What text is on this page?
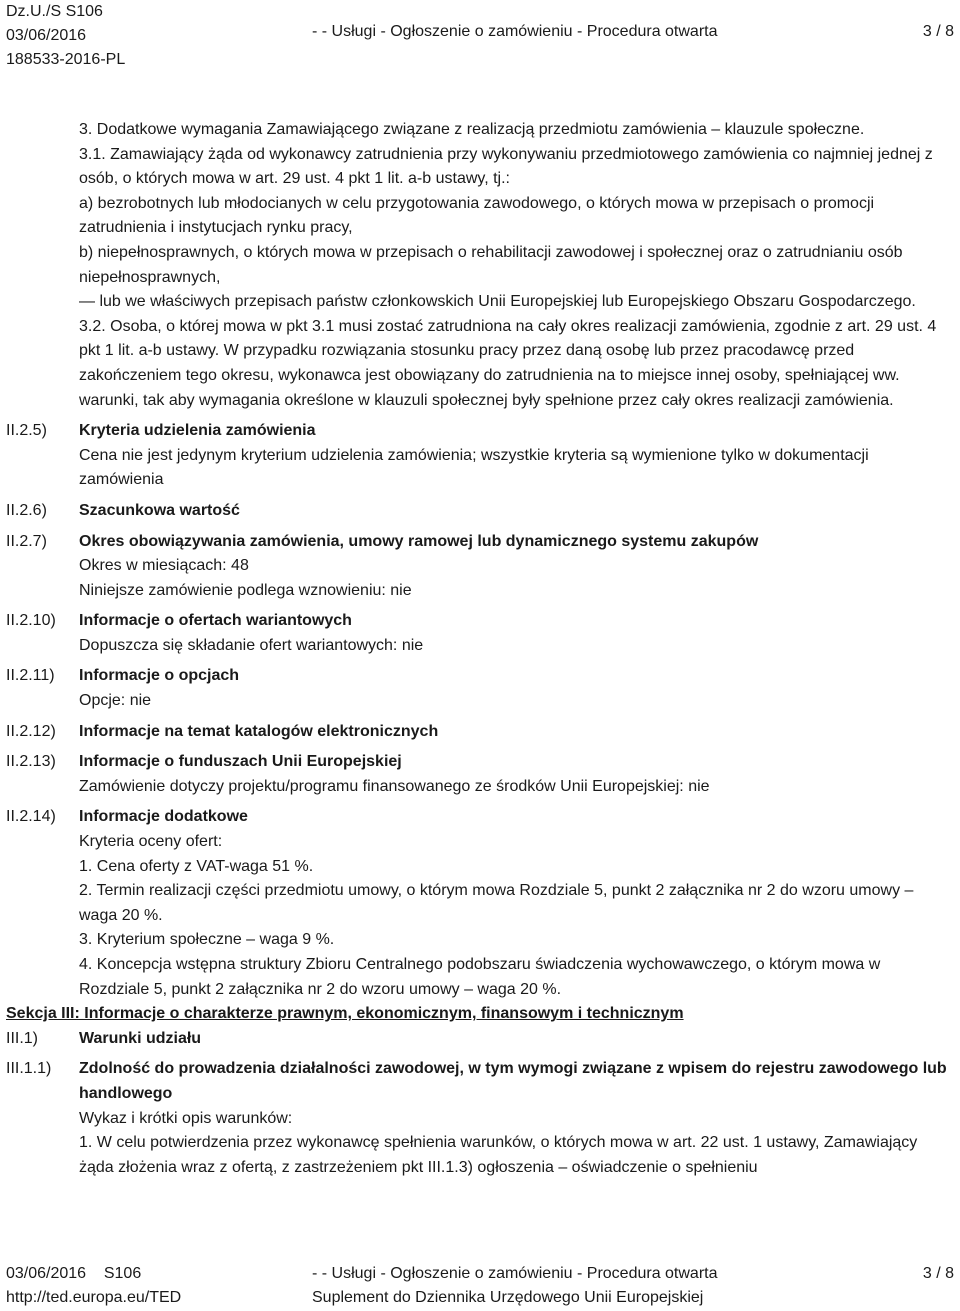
Dz.U./S S106
03/06/2016
188533-2016-PL
- - Usługi - Ogłoszenie o zamówieniu - Procedura otwarta	3 / 8
3. Dodatkowe wymagania Zamawiającego związane z realizacją przedmiotu zamówienia – klauzule społeczne.
3.1. Zamawiający żąda od wykonawcy zatrudnienia przy wykonywaniu przedmiotowego zamówienia co najmniej jednej z osób, o których mowa w art. 29 ust. 4 pkt 1 lit. a-b ustawy, tj.:
a) bezrobotnych lub młodocianych w celu przygotowania zawodowego, o których mowa w przepisach o promocji zatrudnienia i instytucjach rynku pracy,
b) niepełnosprawnych, o których mowa w przepisach o rehabilitacji zawodowej i społecznej oraz o zatrudnianiu osób niepełnosprawnych,
— lub we właściwych przepisach państw członkowskich Unii Europejskiej lub Europejskiego Obszaru Gospodarczego.
3.2. Osoba, o której mowa w pkt 3.1 musi zostać zatrudniona na cały okres realizacji zamówienia, zgodnie z art. 29 ust. 4 pkt 1 lit. a-b ustawy. W przypadku rozwiązania stosunku pracy przez daną osobę lub przez pracodawcę przed zakończeniem tego okresu, wykonawca jest obowiązany do zatrudnienia na to miejsce innej osoby, spełniającej ww. warunki, tak aby wymagania określone w klauzuli społecznej były spełnione przez cały okres realizacji zamówienia.
II.2.5) Kryteria udzielenia zamówienia
Cena nie jest jedynym kryterium udzielenia zamówienia; wszystkie kryteria są wymienione tylko w dokumentacji zamówienia
II.2.6) Szacunkowa wartość
II.2.7) Okres obowiązywania zamówienia, umowy ramowej lub dynamicznego systemu zakupów
Okres w miesiącach: 48
Niniejsze zamówienie podlega wznowieniu: nie
II.2.10) Informacje o ofertach wariantowych
Dopuszcza się składanie ofert wariantowych: nie
II.2.11) Informacje o opcjach
Opcje: nie
II.2.12) Informacje na temat katalogów elektronicznych
II.2.13) Informacje o funduszach Unii Europejskiej
Zamówienie dotyczy projektu/programu finansowanego ze środków Unii Europejskiej: nie
II.2.14) Informacje dodatkowe
Kryteria oceny ofert:
1. Cena oferty z VAT-waga 51 %.
2. Termin realizacji części przedmiotu umowy, o którym mowa Rozdziale 5, punkt 2 załącznika nr 2 do wzoru umowy – waga 20 %.
3. Kryterium społeczne – waga 9 %.
4. Koncepcja wstępna struktury Zbioru Centralnego podobszaru świadczenia wychowawczego, o którym mowa w Rozdziale 5, punkt 2 załącznika nr 2 do wzoru umowy – waga 20 %.
Sekcja III: Informacje o charakterze prawnym, ekonomicznym, finansowym i technicznym
III.1)	Warunki udziału
III.1.1) Zdolność do prowadzenia działalności zawodowej, w tym wymogi związane z wpisem do rejestru zawodowego lub handlowego
Wykaz i krótki opis warunków:
1. W celu potwierdzenia przez wykonawcę spełnienia warunków, o których mowa w art. 22 ust. 1 ustawy, Zamawiający żąda złożenia wraz z ofertą, z zastrzeżeniem pkt III.1.3) ogłoszenia – oświadczenie o spełnieniu
03/06/2016 S106
http://ted.europa.eu/TED
- - Usługi - Ogłoszenie o zamówieniu - Procedura otwarta
Suplement do Dziennika Urzędowego Unii Europejskiej
3 / 8
